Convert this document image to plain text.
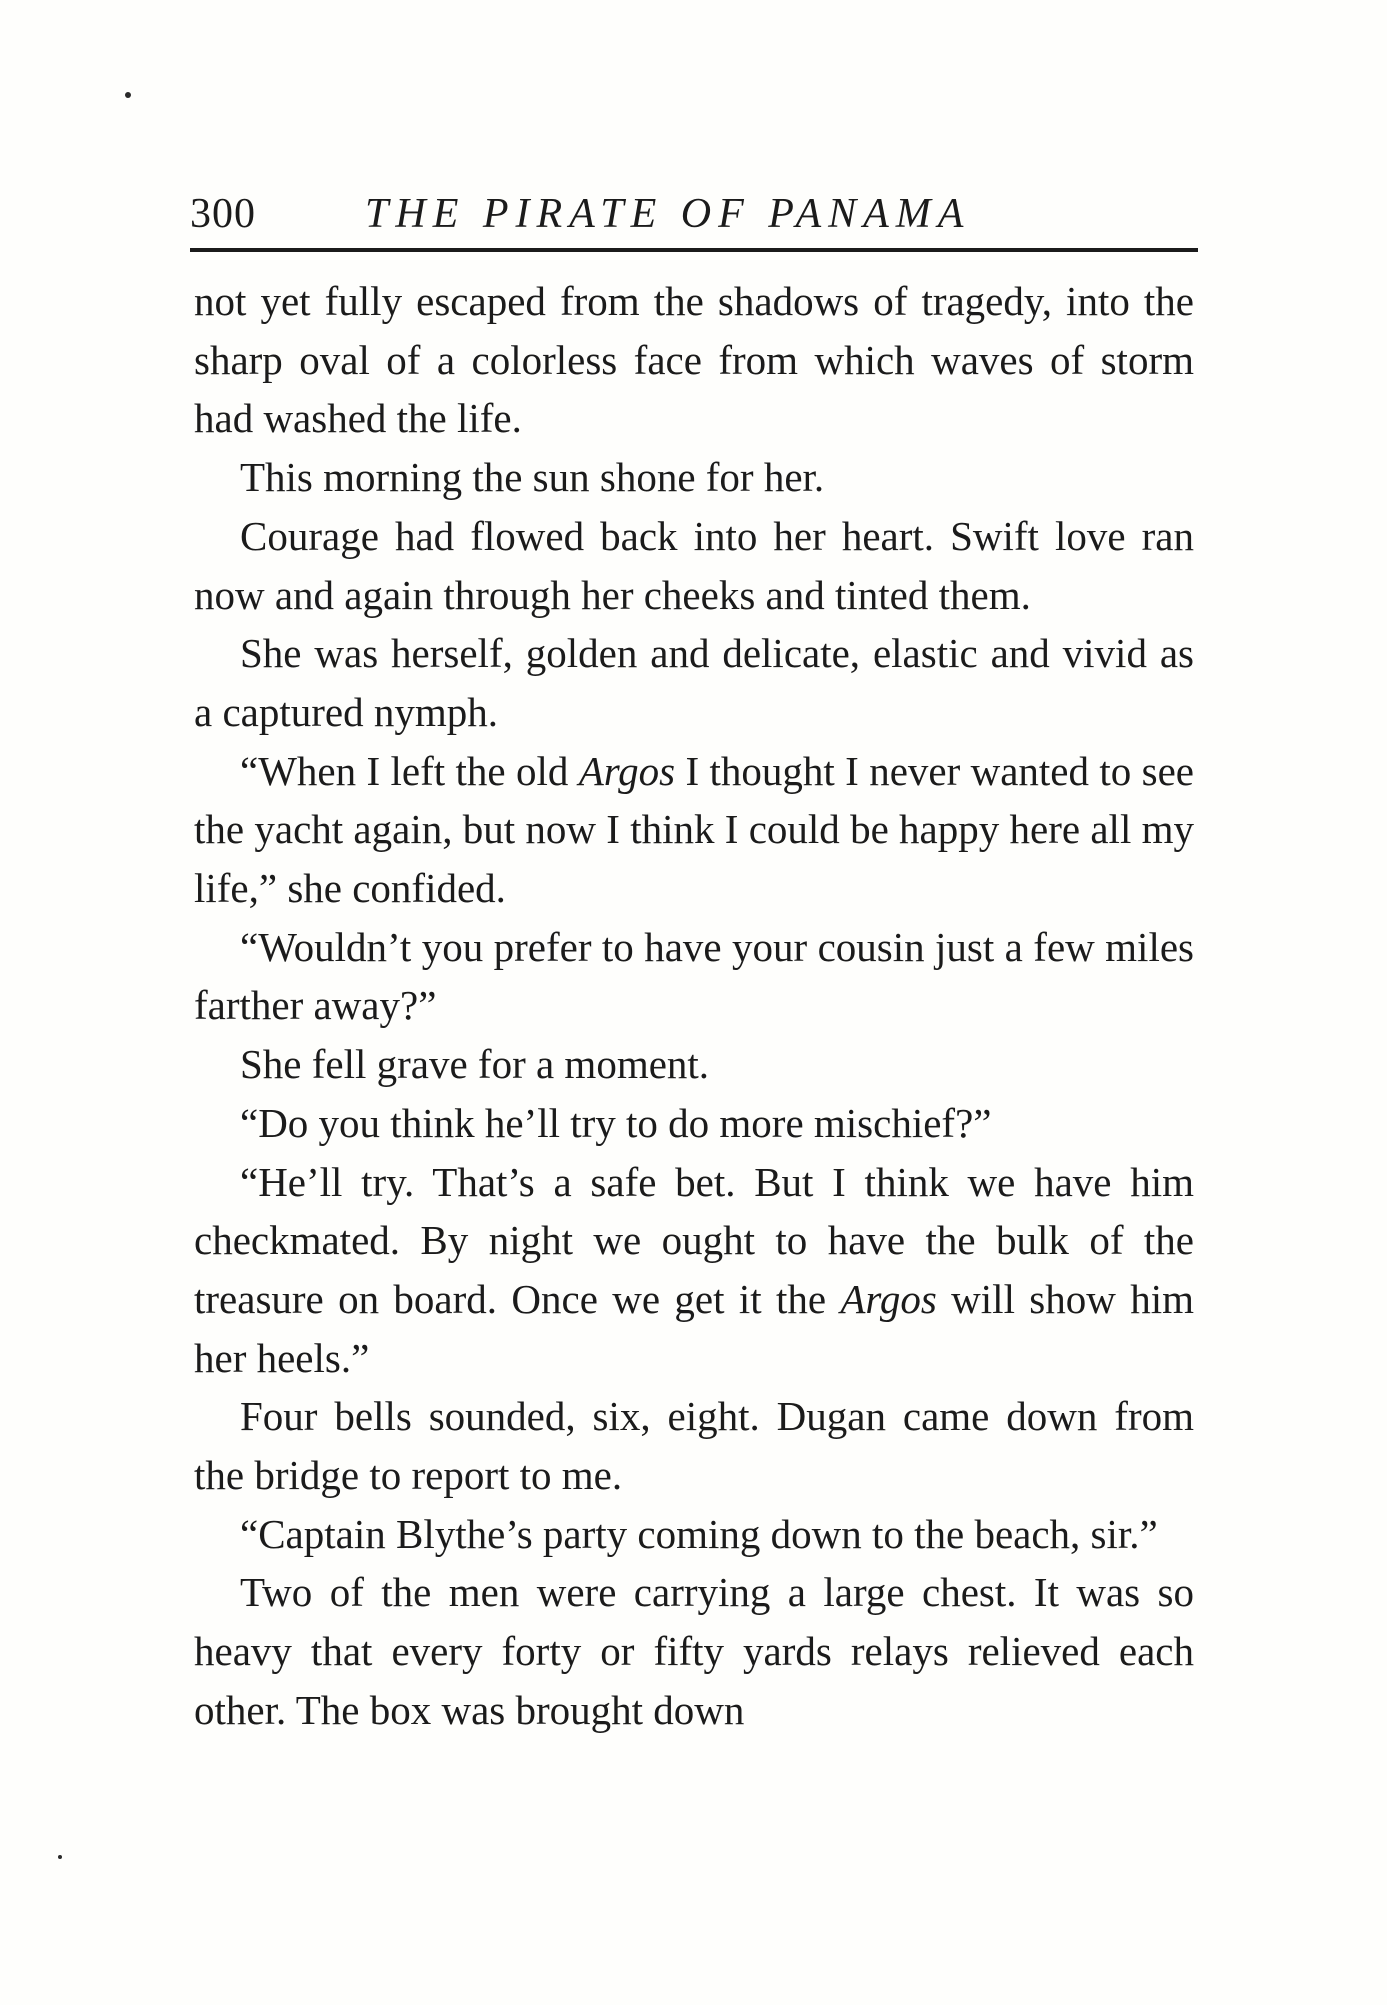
300	THE PIRATE OF PANAMA

not yet fully escaped from the shadows of tragedy, into the sharp oval of a colorless face from which waves of storm had washed the life.

This morning the sun shone for her.

Courage had flowed back into her heart. Swift love ran now and again through her cheeks and tinted them.

She was herself, golden and delicate, elastic and vivid as a captured nymph.

“When I left the old Argos I thought I never wanted to see the yacht again, but now I think I could be happy here all my life,” she confided.

“Wouldn’t you prefer to have your cousin just a few miles farther away?”

She fell grave for a moment.

“Do you think he’ll try to do more mischief?”

“He’ll try. That’s a safe bet. But I think we have him checkmated. By night we ought to have the bulk of the treasure on board. Once we get it the Argos will show him her heels.”

Four bells sounded, six, eight. Dugan came down from the bridge to report to me.

“Captain Blythe’s party coming down to the beach, sir.”

Two of the men were carrying a large chest. It was so heavy that every forty or fifty yards relays relieved each other. The box was brought down
